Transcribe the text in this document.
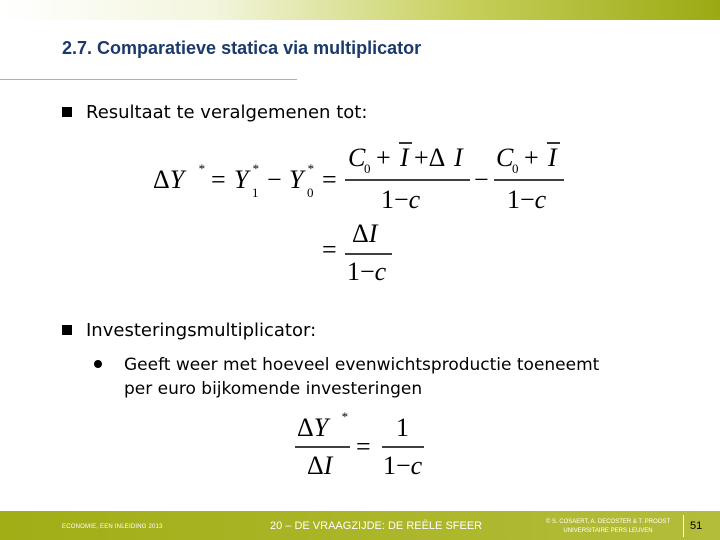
2.7. Comparatieve statica via multiplicator
Resultaat te veralgemenen tot:
ΔY * = Y *
1 − Y *
0 =
C
0 + I +Δ I
1−c
−
C
0 + I
1−c
=
ΔI
1−c
Investeringsmultiplicator:
Geeft weer met hoeveel evenwichtsproductie toeneemt
per euro bijkomende investeringen
ΔY *
ΔI
=
1
1−c
ECONOMIE, EEN INLEIDING 2013	20 – DE VRAAGZIJDE: DE REËLE SFEER	© S. COSAERT, A. DECOSTER & T. PROOST
UNIVERSITAIRE PERS LEUVEN	51
